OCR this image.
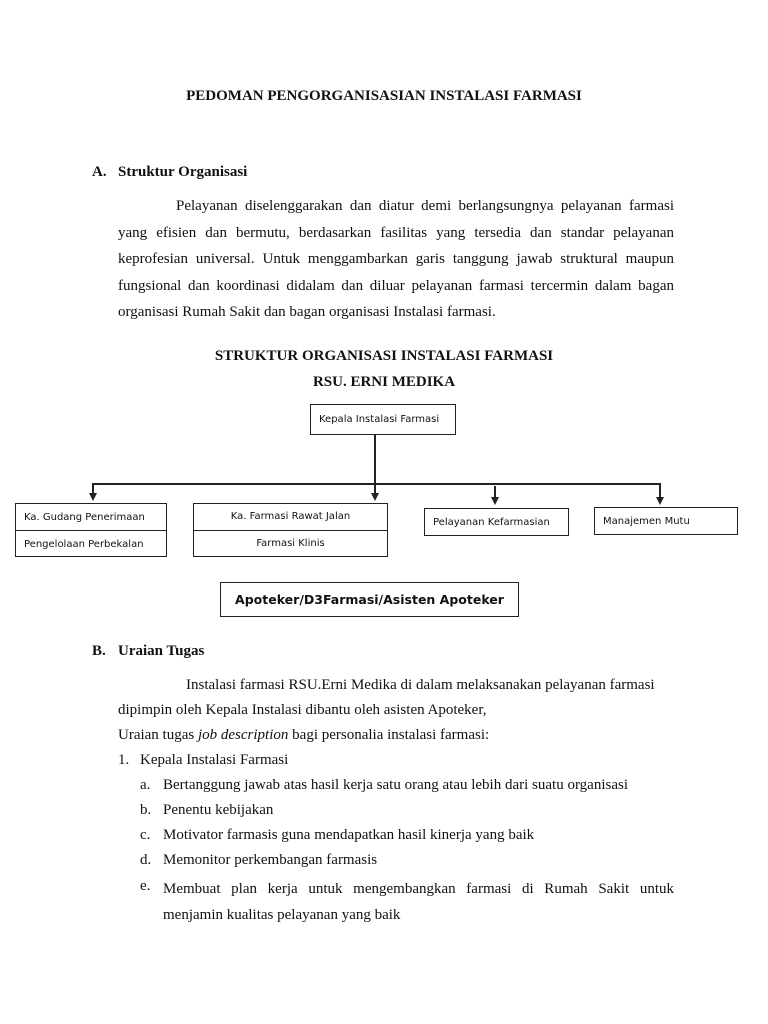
PEDOMAN PENGORGANISASIAN INSTALASI FARMASI
A. Struktur Organisasi
Pelayanan diselenggarakan dan diatur demi berlangsungnya pelayanan farmasi yang efisien dan bermutu, berdasarkan fasilitas yang tersedia dan standar pelayanan keprofesian universal. Untuk menggambarkan garis tanggung jawab struktural maupun fungsional dan koordinasi didalam dan diluar pelayanan farmasi tercermin dalam bagan organisasi Rumah Sakit dan bagan organisasi Instalasi farmasi.
STRUKTUR ORGANISASI INSTALASI FARMASI
RSU. ERNI MEDIKA
Kepala Instalasi Farmasi
Ka. Gudang Penerimaan
Pengelolaan Perbekalan
Ka. Farmasi Rawat Jalan
Farmasi Klinis
Pelayanan Kefarmasian	Manajemen Mutu
Apoteker/D3Farmasi/Asisten Apoteker
B. Uraian Tugas
Instalasi farmasi RSU.Erni Medika di dalam melaksanakan pelayanan farmasi
dipimpin oleh Kepala Instalasi dibantu oleh asisten Apoteker,
Uraian tugas job description bagi personalia instalasi farmasi:
1. Kepala Instalasi Farmasi
a. Bertanggung jawab atas hasil kerja satu orang atau lebih dari suatu organisasi
b. Penentu kebijakan
c. Motivator farmasis guna mendapatkan hasil kinerja yang baik
d. Memonitor perkembangan farmasis
e. Membuat plan kerja untuk mengembangkan farmasi di Rumah Sakit untuk menjamin kualitas pelayanan yang baik
